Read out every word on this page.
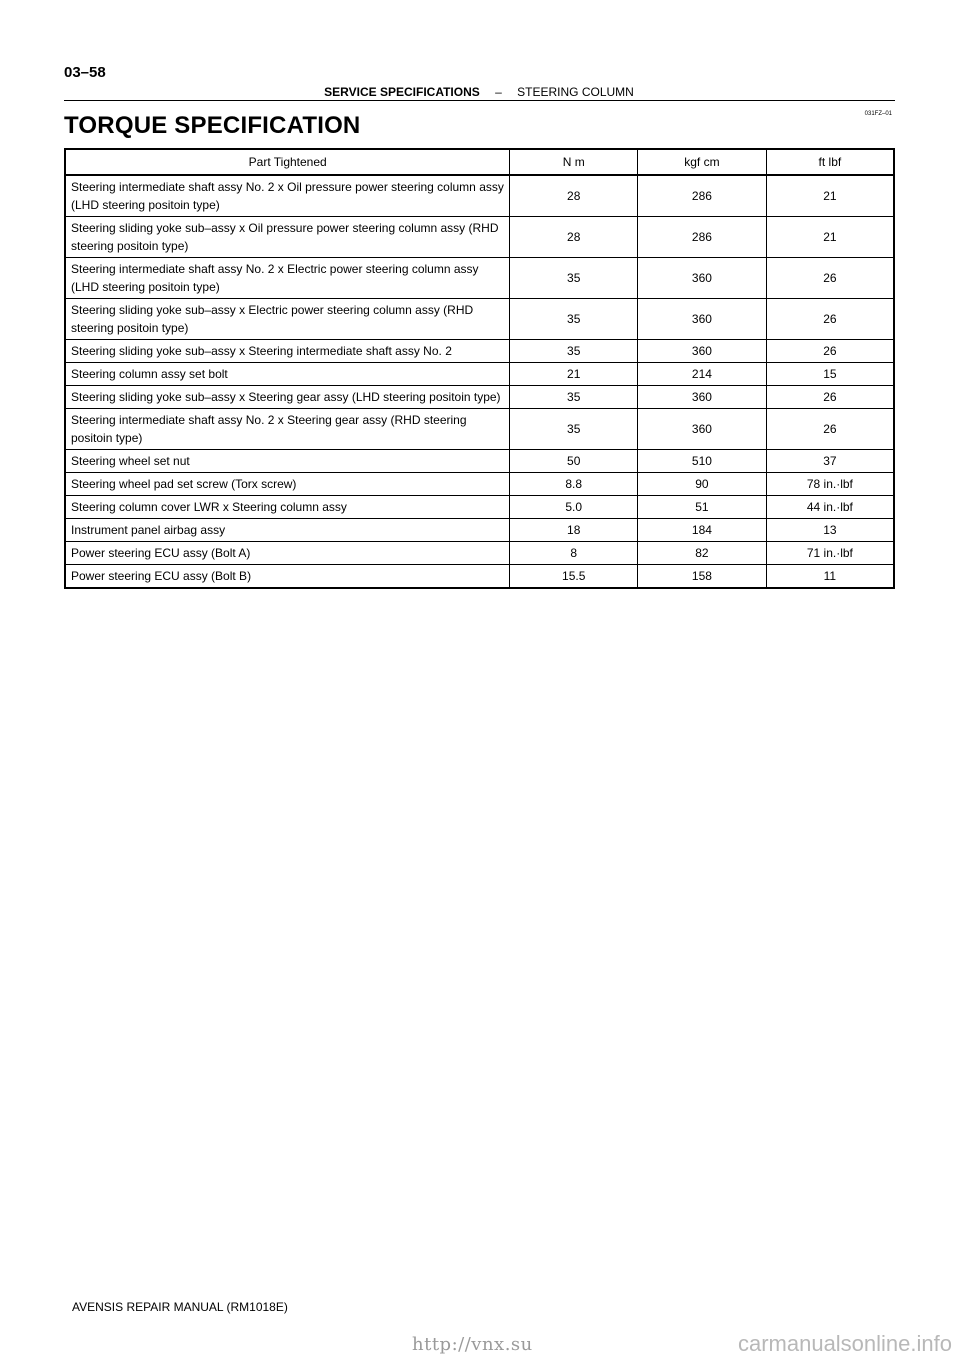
03–58
SERVICE SPECIFICATIONS – STEERING COLUMN
031FZ–01
TORQUE SPECIFICATION
Part Tightened	N m	kgf cm	ft lbf
Steering intermediate shaft assy No. 2 x Oil pressure power steering column assy (LHD steering positoin type)	28	286	21
Steering sliding yoke sub–assy x Oil pressure power steering column assy (RHD steering positoin type)	28	286	21
Steering intermediate shaft assy No. 2 x Electric power steering column assy (LHD steering positoin type)	35	360	26
Steering sliding yoke sub–assy x Electric power steering column assy (RHD steering positoin type)	35	360	26
Steering sliding yoke sub–assy x Steering intermediate shaft assy No. 2	35	360	26
Steering column assy set bolt	21	214	15
Steering sliding yoke sub–assy x Steering gear assy (LHD steering positoin type)	35	360	26
Steering intermediate shaft assy No. 2 x Steering gear assy (RHD steering positoin type)	35	360	26
Steering wheel set nut	50	510	37
Steering wheel pad set screw (Torx screw)	8.8	90	78 in.·lbf
Steering column cover LWR x Steering column assy	5.0	51	44 in.·lbf
Instrument panel airbag assy	18	184	13
Power steering ECU assy (Bolt A)	8	82	71 in.·lbf
Power steering ECU assy (Bolt B)	15.5	158	11
AVENSIS REPAIR MANUAL (RM1018E)
http://vnx.su	carmanualsonline.info
